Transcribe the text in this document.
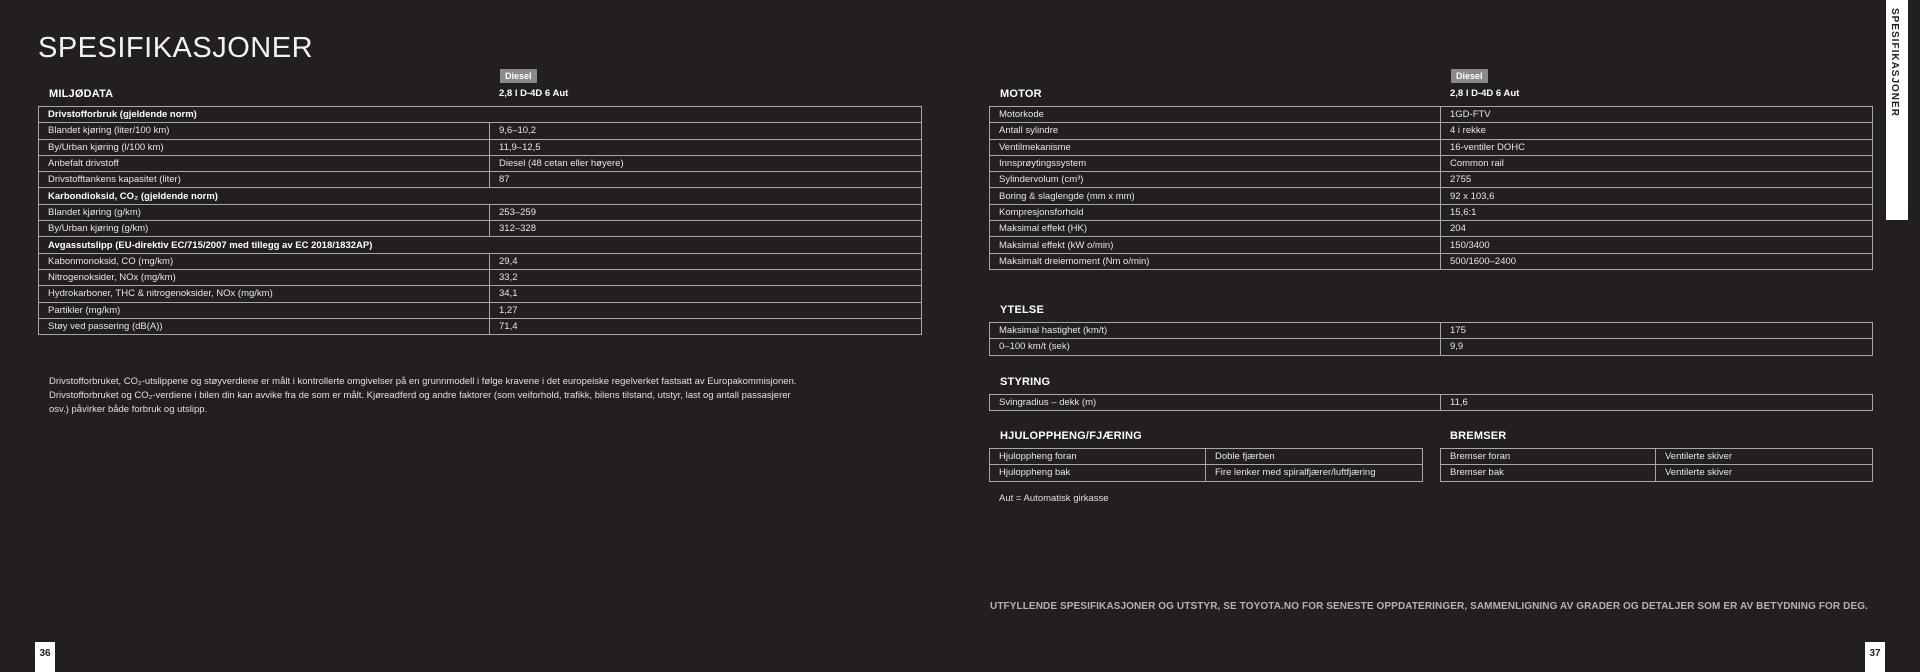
SPESIFIKASJONER	SPESIFIKASJONER
Diesel
2,8 l D-4D 6 Aut
MILJØDATA
Drivstofforbruk (gjeldende norm)	
Blandet kjøring (liter/100 km)	9,6–10,2
By/Urban kjøring (l/100 km)	11,9–12,5
Anbefalt drivstoff	Diesel (48 cetan eller høyere)
Drivstofftankens kapasitet (liter)	87
Karbondioksid, CO₂ (gjeldende norm)	
Blandet kjøring (g/km)	253–259
By/Urban kjøring (g/km)	312–328
Avgassutslipp (EU-direktiv EC/715/2007 med tillegg av EC 2018/1832AP)	
Kabonmonoksid, CO (mg/km)	29,4
Nitrogenoksider, NOx (mg/km)	33,2
Hydrokarboner, THC & nitrogenoksider, NOx (mg/km)	34,1
Partikler (mg/km)	1,27
Støy ved passering (dB(A))	71,4
Drivstofforbruket, CO₂-utslippene og støyverdiene er målt i kontrollerte omgivelser på en grunnmodell i følge kravene i det europeiske regelverket fastsatt av Europakommisjonen.
Drivstofforbruket og CO₂-verdiene i bilen din kan avvike fra de som er målt. Kjøreadferd og andre faktorer (som veiforhold, trafikk, bilens tilstand, utstyr, last og antall passasjerer
osv.) påvirker både forbruk og utslipp.
36
MOTOR
Diesel
2,8 l D-4D 6 Aut
Motorkode	1GD-FTV
Antall sylindre	4 i rekke
Ventilmekanisme	16-ventiler DOHC
Innsprøytingssystem	Common rail
Sylindervolum (cm³)	2755
Boring & slaglengde (mm x mm)	92 x 103,6
Kompresjonsforhold	15,6:1
Maksimal effekt (HK)	204
Maksimal effekt (kW o/min)	150/3400
Maksimalt dreiemoment (Nm o/min)	500/1600–2400
YTELSE
Maksimal hastighet (km/t)	175
0–100 km/t (sek)	9,9
STYRING
Svingradius – dekk (m)	11,6
HJULOPPHENG/FJÆRING
Hjuloppheng foran	Doble fjærben
Hjuloppheng bak	Fire lenker med spiralfjærer/luftfjæring
BREMSER
Bremser foran	Ventilerte skiver
Bremser bak	Ventilerte skiver
Aut = Automatisk girkasse
UTFYLLENDE SPESIFIKASJONER OG UTSTYR, SE TOYOTA.NO FOR SENESTE OPPDATERINGER, SAMMENLIGNING AV GRADER OG DETALJER SOM ER AV BETYDNING FOR DEG.
37
